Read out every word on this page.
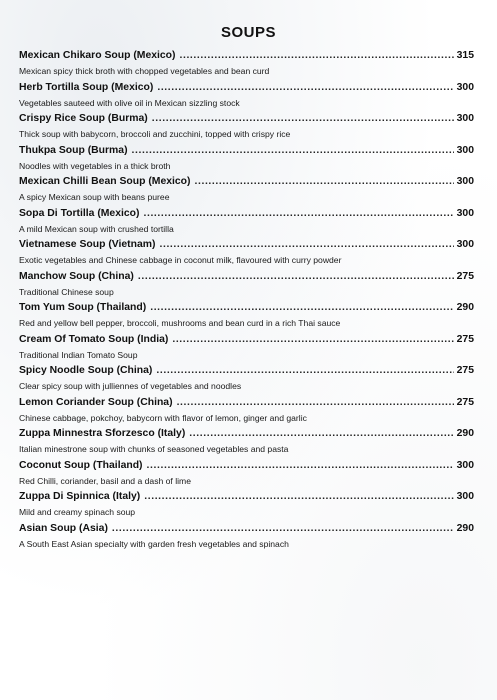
SOUPS
Mexican Chikaro Soup (Mexico) .....	315
Mexican spicy thick broth with chopped vegetables and bean curd
Herb Tortilla Soup (Mexico) .....	300
Vegetables sauteed with olive oil in Mexican sizzling stock
Crispy Rice Soup (Burma) .....	300
Thick soup with babycorn, broccoli and zucchini, topped with crispy rice
Thukpa Soup (Burma) .....	300
Noodles with vegetables in a thick broth
Mexican Chilli Bean Soup (Mexico) .....	300
A spicy Mexican soup with beans puree
Sopa Di Tortilla (Mexico) .....	300
A mild Mexican soup with crushed tortilla
Vietnamese Soup (Vietnam) .....	300
Exotic vegetables and Chinese cabbage in coconut milk, flavoured with curry powder
Manchow Soup (China) .....	275
Traditional Chinese soup
Tom Yum Soup (Thailand) .....	290
Red and yellow bell pepper, broccoli, mushrooms and bean curd in a rich Thai sauce
Cream Of Tomato Soup (India) .....	275
Traditional Indian Tomato Soup
Spicy Noodle Soup (China) .....	275
Clear spicy soup with julliennes of vegetables and noodles
Lemon Coriander Soup (China) .....	275
Chinese cabbage, pokchoy, babycorn with flavor of lemon, ginger and garlic
Zuppa Minnestra Sforzesco (Italy) .....	290
Italian minestrone soup with chunks of seasoned vegetables and pasta
Coconut Soup (Thailand) .....	300
Red Chilli, coriander, basil and a dash of lime
Zuppa Di Spinnica (Italy) .....	300
Mild and creamy spinach soup
Asian Soup (Asia) .....	290
A South East Asian specialty with garden fresh vegetables and spinach
